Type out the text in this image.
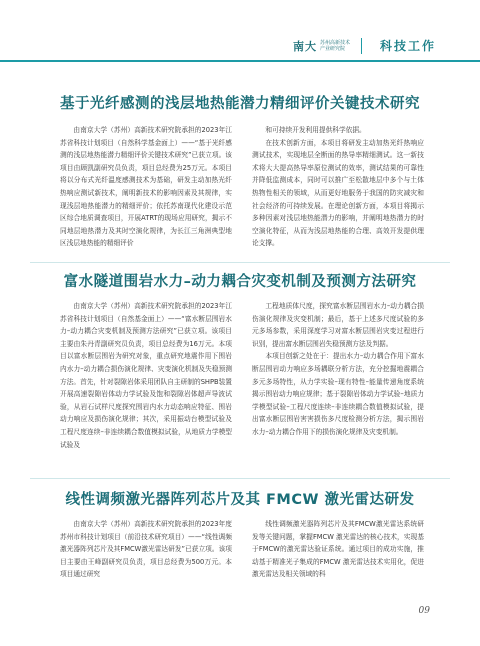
南大 苏州高新技术
产业研究院	科技工作
基于光纤感测的浅层地热能潜力精细评价关键技术研究
由南京大学（苏州）高新技术研究院承担的2023年江苏省科技计划项目（自然科学基金面上）——“基于光纤感测的浅层地热能潜力精细评价关键技术研究”已获立项。该项目由顾凯副研究员负责，项目总经费为25万元。本项目将以分布式光纤温度感测技术为基础，研发主动加热光纤热响应测试新技术，阐明新技术的影响因素及其规律，实现浅层地热能潜力的精细评价；依托苏南现代化建设示范区综合地质调查项目，开展ATRT的现场应用研究，揭示不同地层地热潜力及其时空演化规律，为长江三角洲典型地区浅层地热能的精细评价
和可持续开发利用提供科学依据。
在技术创新方面，本项目将研发主动加热光纤热响应测试技术，实现地层全断面的热导率精细测试。这一新技术将大大提高热导率原位测试的效率，测试结果的可靠性并降低监测成本，同时可以推广至松散地层中多个与土体热物性相关的领域，从而更好地服务于我国的防灾减灾和社会经济的可持续发展。在理论创新方面，本项目将揭示多种因素对浅层地热能潜力的影响，并阐明地热潜力的时空演化特征，从而为浅层地热能的合理、高效开发提供理论支撑。
富水隧道围岩水力–动力耦合灾变机制及预测方法研究
由南京大学（苏州）高新技术研究院承担的2023年江苏省科技计划项目（自然基金面上）——“富水断层围岩水力–动力耦合灾变机制及预测方法研究”已获立项。该项目主要由朱丹青副研究员负责，项目总经费为16万元。本项目以富水断层围岩为研究对象，重点研究地震作用下围岩内水力–动力耦合损伤演化规律、灾变演化机制及失稳预测方法。首先，针对裂隙岩体采用团队自主研制的SHPB装置开展高速裂隙岩体动力学试验及饱和裂隙岩体超声导波试验，从岩石试样尺度探究围岩内水力动态响应特征、围岩动力响应及损伤演化规律；其次，采用振动台模型试验及工程尺度连续–非连续耦合数值模拟试验，从地质力学模型试验及
工程地质体尺度，探究富水断层围岩水力–动力耦合损伤演化规律及灾变机制；最后，基于上述多尺度试验的多元多场参数，采用深度学习对富水断层围岩灾变过程进行识别，提出富水断层围岩失稳预测方法及判据。
本项目创新之处在于：提出水力–动力耦合作用下富水断层围岩动力响应多场耦联分析方法，充分挖掘地震耦合多元多场特性，从力学实验–现有特性–能量传递角度系统揭示围岩动力响应规律；基于裂隙岩体动力学试验–地质力学模型试验–工程尺度连续–非连续耦合数值模拟试验，提出富水断层围岩害害损伤多尺度检测分析方法，揭示围岩水力–动力耦合作用下的损伤演化规律及灾变机制。
线性调频激光器阵列芯片及其 FMCW 激光雷达研发
由南京大学（苏州）高新技术研究院承担的2023年度苏州市科技计划项目（前沿技术研究项目）——“线性调频激光器阵列芯片及其FMCW激光雷达研发”已获立项。该项目主要由王峰副研究员负责，项目总经费为500万元。本项目通过研究
线性调频激光器阵列芯片及其FMCW激光雷达系统研发等关键问题，掌握FMCW 激光雷达的核心技术，实现基于FMCW的激光雷达验证系统。通过项目的成功实施，推动基于精准光子集成的FMCW 激光雷达技术实用化，促进激光雷达及相关领域的科
09
